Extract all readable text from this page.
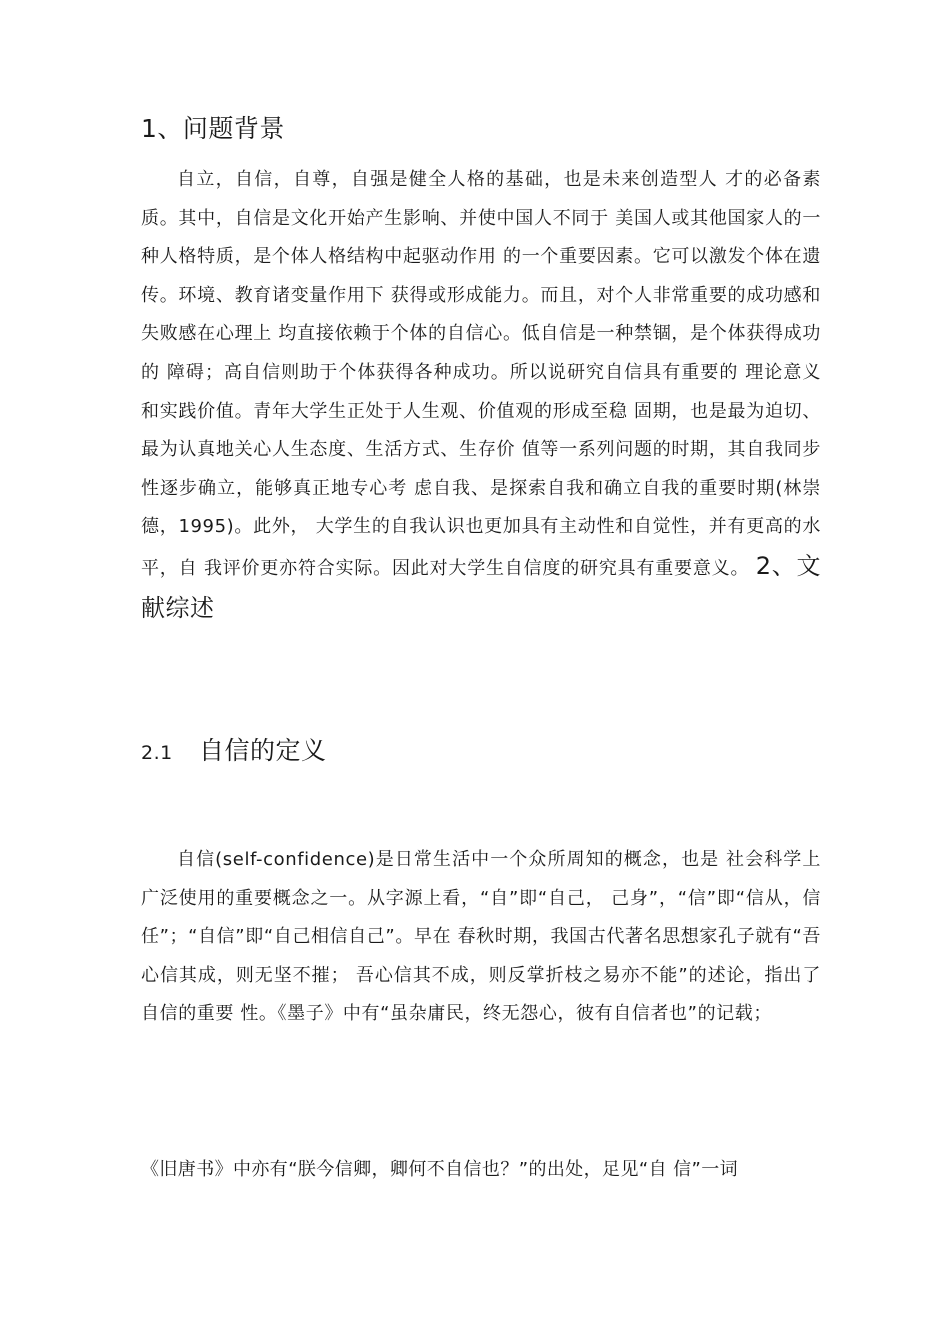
1、问题背景

自立，自信，自尊，自强是健全人格的基础，也是未来创造型人 才的必备素质。其中，自信是文化开始产生影响、并使中国人不同于 美国人或其他国家人的一种人格特质，是个体人格结构中起驱动作用 的一个重要因素。它可以激发个体在遗传。环境、教育诸变量作用下 获得或形成能力。而且，对个人非常重要的成功感和失败感在心理上 均直接依赖于个体的自信心。低自信是一种禁锢，是个体获得成功的 障碍；高自信则助于个体获得各种成功。所以说研究自信具有重要的 理论意义和实践价值。青年大学生正处于人生观、价值观的形成至稳 固期，也是最为迫切、最为认真地关心人生态度、生活方式、生存价 值等一系列问题的时期，其自我同步性逐步确立，能够真正地专心考 虑自我、是探索自我和确立自我的重要时期(林崇德，1995)。此外， 大学生的自我认识也更加具有主动性和自觉性，并有更高的水平，自 我评价更亦符合实际。因此对大学生自信度的研究具有重要意义。 2、文献综述

2.1 自信的定义

自信(self-confidence)是日常生活中一个众所周知的概念，也是 社会科学上广泛使用的重要概念之一。从字源上看，“自”即“自己， 己身”，“信”即“信从，信任”；“自信”即“自己相信自己”。早在 春秋时期，我国古代著名思想家孔子就有“吾心信其成，则无坚不摧； 吾心信其不成，则反掌折枝之易亦不能”的述论，指出了自信的重要 性。《墨子》中有“虽杂庸民，终无怨心，彼有自信者也”的记载；

《旧唐书》中亦有“朕今信卿，卿何不自信也？”的出处，足见“自 信”一词
